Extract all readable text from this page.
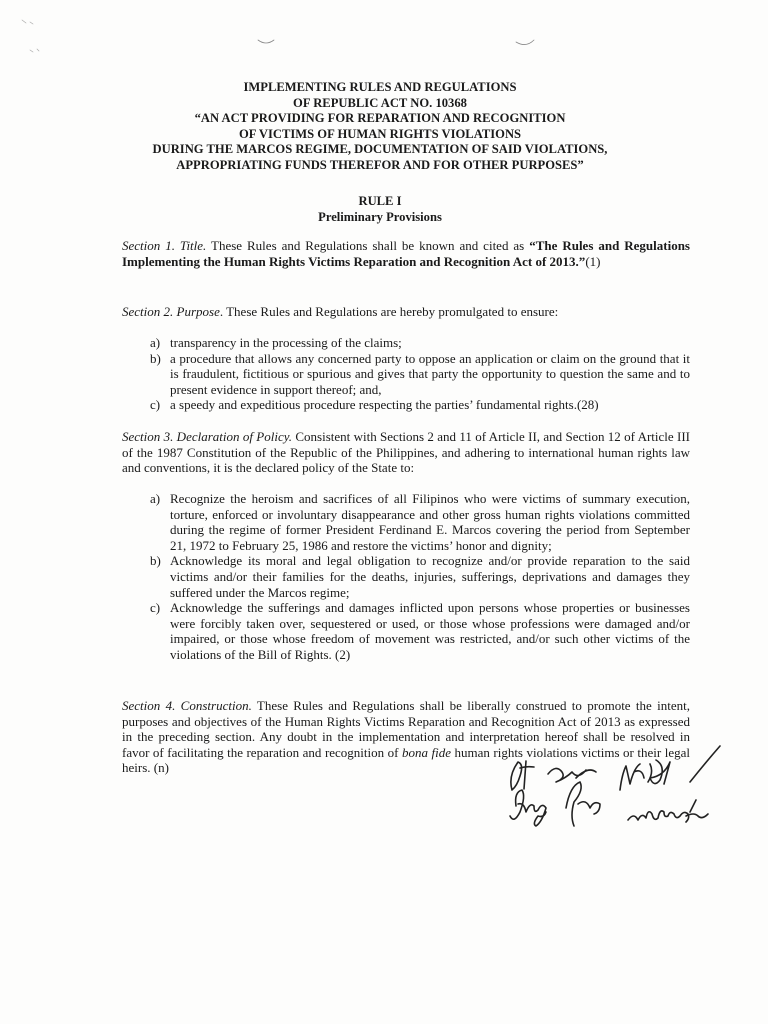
IMPLEMENTING RULES AND REGULATIONS
OF REPUBLIC ACT NO. 10368
“AN ACT PROVIDING FOR REPARATION AND RECOGNITION
OF VICTIMS OF HUMAN RIGHTS VIOLATIONS
DURING THE MARCOS REGIME, DOCUMENTATION OF SAID VIOLATIONS,
APPROPRIATING FUNDS THEREFOR AND FOR OTHER PURPOSES”
RULE I
Preliminary Provisions

Section 1. Title. These Rules and Regulations shall be known and cited as “The Rules and Regulations Implementing the Human Rights Victims Reparation and Recognition Act of 2013.”(1)

Section 2. Purpose. These Rules and Regulations are hereby promulgated to ensure:

a) transparency in the processing of the claims;
b) a procedure that allows any concerned party to oppose an application or claim on the ground that it is fraudulent, fictitious or spurious and gives that party the opportunity to question the same and to present evidence in support thereof; and,
c) a speedy and expeditious procedure respecting the parties’ fundamental rights.(28)

Section 3. Declaration of Policy. Consistent with Sections 2 and 11 of Article II, and Section 12 of Article III of the 1987 Constitution of the Republic of the Philippines, and adhering to international human rights law and conventions, it is the declared policy of the State to:

a) Recognize the heroism and sacrifices of all Filipinos who were victims of summary execution, torture, enforced or involuntary disappearance and other gross human rights violations committed during the regime of former President Ferdinand E. Marcos covering the period from September 21, 1972 to February 25, 1986 and restore the victims’ honor and dignity;
b) Acknowledge its moral and legal obligation to recognize and/or provide reparation to the said victims and/or their families for the deaths, injuries, sufferings, deprivations and damages they suffered under the Marcos regime;
c) Acknowledge the sufferings and damages inflicted upon persons whose properties or businesses were forcibly taken over, sequestered or used, or those whose professions were damaged and/or impaired, or those whose freedom of movement was restricted, and/or such other victims of the violations of the Bill of Rights. (2)

Section 4. Construction. These Rules and Regulations shall be liberally construed to promote the intent, purposes and objectives of the Human Rights Victims Reparation and Recognition Act of 2013 as expressed in the preceding section. Any doubt in the implementation and interpretation hereof shall be resolved in favor of facilitating the reparation and recognition of bona fide human rights violations victims or their legal heirs. (n)
